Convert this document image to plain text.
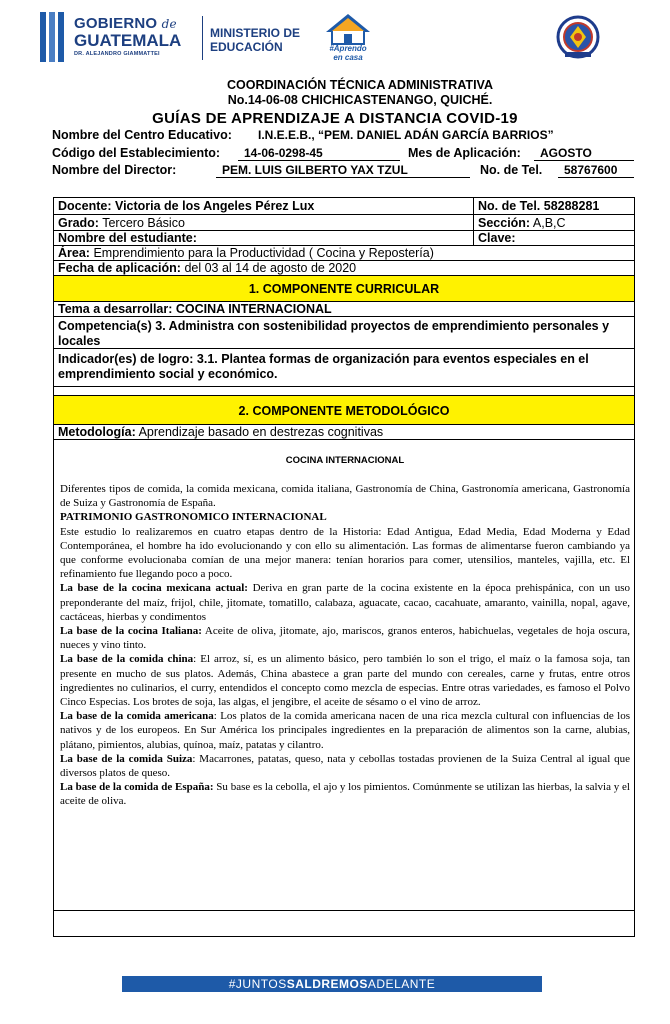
GOBIERNO de
GUATEMALA
DR. ALEJANDRO GIAMMATTEI
MINISTERIO DE
EDUCACIÓN	#Aprendo
en casa
COORDINACIÓN TÉCNICA ADMINISTRATIVA
No.14-06-08 CHICHICASTENANGO, QUICHÉ.
GUÍAS DE APRENDIZAJE A DISTANCIA COVID-19
Nombre del Centro Educativo:	I.N.E.E.B., “PEM. DANIEL ADÁN GARCÍA BARRIOS”
Código del Establecimiento:	14-06-0298-45	Mes de Aplicación:	AGOSTO
Nombre del Director:	PEM. LUIS GILBERTO YAX TZUL	No. de Tel.	58767600
Docente: Victoria de los Angeles Pérez Lux	No. de Tel. 58288281
Grado: Tercero Básico	Sección: A,B,C
Nombre del estudiante:	Clave:
Área: Emprendimiento para la Productividad ( Cocina y Repostería)
Fecha de aplicación: del 03 al 14 de agosto de 2020
1. COMPONENTE CURRICULAR
Tema a desarrollar: COCINA INTERNACIONAL
Competencia(s) 3. Administra con sostenibilidad proyectos de emprendimiento personales y locales
Indicador(es) de logro: 3.1. Plantea formas de organización para eventos especiales en el emprendimiento social y económico.
2. COMPONENTE METODOLÓGICO
Metodología: Aprendizaje basado en destrezas cognitivas
COCINA INTERNACIONAL

Diferentes tipos de comida, la comida mexicana, comida italiana, Gastronomía de China, Gastronomía americana, Gastronomía de Suiza y Gastronomía de España.

PATRIMONIO GASTRONOMICO INTERNACIONAL

Este estudio lo realizaremos en cuatro etapas dentro de la Historia: Edad Antigua, Edad Media, Edad Moderna y Edad Contemporánea, el hombre ha ido evolucionando y con ello su alimentación. Las formas de alimentarse fueron cambiando ya que conforme evolucionaba comían de una mejor manera: tenían horarios para comer, utensilios, manteles, vajilla, etc. El refinamiento fue llegando poco a poco.

La base de la cocina mexicana actual: Deriva en gran parte de la cocina existente en la época prehispánica, con un uso preponderante del maíz, frijol, chile, jitomate, tomatillo, calabaza, aguacate, cacao, cacahuate, amaranto, vainilla, nopal, agave, cactáceas, hierbas y condimentos

La base de la cocina Italiana: Aceite de oliva, jitomate, ajo, mariscos, granos enteros, habichuelas, vegetales de hoja oscura, nueces y vino tinto.

La base de la comida china: El arroz, sí, es un alimento básico, pero también lo son el trigo, el maíz o la famosa soja, tan presente en mucho de sus platos. Además, China abastece a gran parte del mundo con cereales, carne y frutas, entre otros ingredientes no culinarios, el curry, entendidos el concepto como mezcla de especias. Entre otras variedades, es famoso el Polvo Cinco Especias. Los brotes de soja, las algas, el jengibre, el aceite de sésamo o el vino de arroz.

La base de la comida americana: Los platos de la comida americana nacen de una rica mezcla cultural con influencias de los nativos y de los europeos. En Sur América los principales ingredientes en la preparación de alimentos son la carne, alubias, plátano, pimientos, alubias, quínoa, maíz, patatas y cilantro.

La base de la comida Suiza: Macarrones, patatas, queso, nata y cebollas tostadas provienen de la Suiza Central al igual que diversos platos de queso.

La base de la comida de España: Su base es la cebolla, el ajo y los pimientos. Comúnmente se utilizan las hierbas, la salvia y el aceite de oliva.

#JUNTOSSALDREMOSADELANTE
